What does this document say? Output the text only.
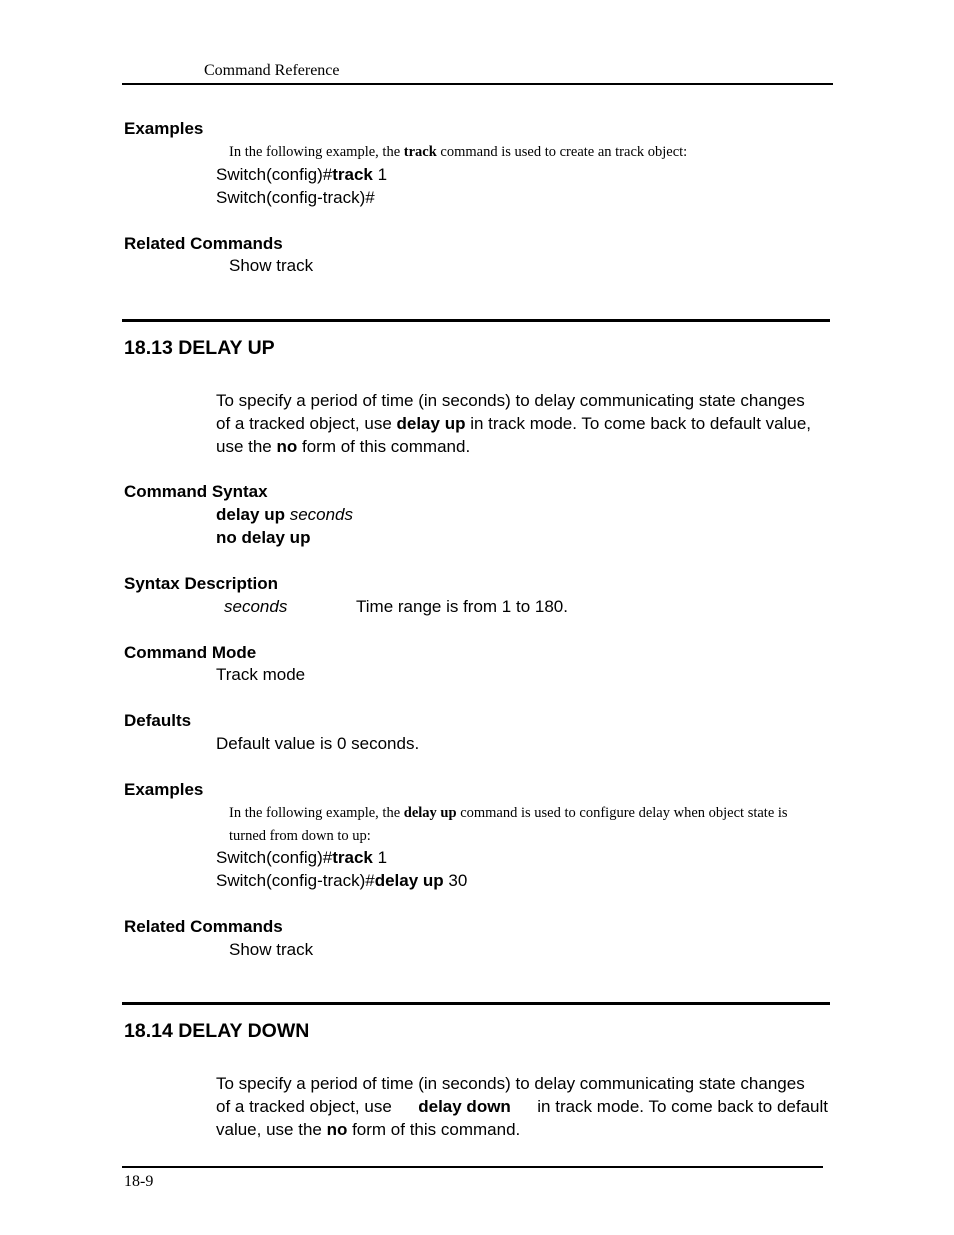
Command Reference
Examples
In the following example, the track command is used to create an track object:
Switch(config)#track 1
Switch(config-track)#
Related Commands
Show track
18.13 DELAY UP
To specify a period of time (in seconds) to delay communicating state changes
of a tracked object, use delay up in track mode. To come back to default value,
use the no form of this command.
Command Syntax
delay up seconds
no delay up
Syntax Description
seconds	Time range is from 1 to 180.
Command Mode
Track mode
Defaults
Default value is 0 seconds.
Examples
In the following example, the delay up command is used to configure delay when object state is
turned from down to up:
Switch(config)#track 1
Switch(config-track)#delay up 30
Related Commands
Show track
18.14 DELAY DOWN
To specify a period of time (in seconds) to delay communicating state changes
of a tracked object, use delay down in track mode. To come back to default
value, use the no form of this command.
18-9
